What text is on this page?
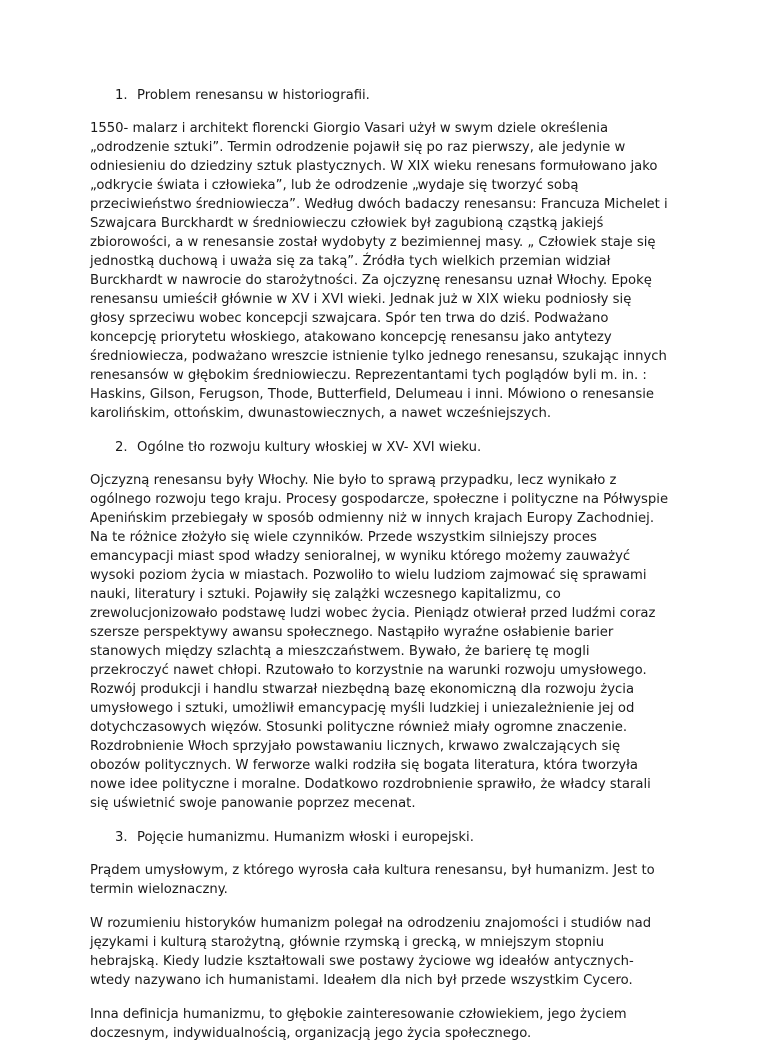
1. Problem renesansu w historiografii.

1550- malarz i architekt florencki Giorgio Vasari użył w swym dziele określenia „odrodzenie sztuki”. Termin odrodzenie pojawił się po raz pierwszy, ale jedynie w odniesieniu do dziedziny sztuk plastycznych. W XIX wieku renesans formułowano jako „odkrycie świata i człowieka”, lub że odrodzenie „wydaje się tworzyć sobą przeciwieństwo średniowiecza”. Według dwóch badaczy renesansu: Francuza Michelet i Szwajcara Burckhardt w średniowieczu człowiek był zagubioną cząstką jakiejś zbiorowości, a w renesansie został wydobyty z bezimiennej masy. „ Człowiek staje się jednostką duchową i uważa się za taką”. Źródła tych wielkich przemian widział Burckhardt w nawrocie do starożytności. Za ojczyznę renesansu uznał Włochy. Epokę renesansu umieścił głównie w XV i XVI wieki. Jednak już w XIX wieku podniosły się głosy sprzeciwu wobec koncepcji szwajcara. Spór ten trwa do dziś. Podważano koncepcję priorytetu włoskiego, atakowano koncepcję renesansu jako antytezy średniowiecza, podważano wreszcie istnienie tylko jednego renesansu, szukając innych renesansów w głębokim średniowieczu. Reprezentantami tych poglądów byli m. in. : Haskins, Gilson, Ferugson, Thode, Butterfield, Delumeau i inni. Mówiono o renesansie karolińskim, ottońskim, dwunastowiecznych, a nawet wcześniejszych.

2. Ogólne tło rozwoju kultury włoskiej w XV- XVI wieku.

Ojczyzną renesansu były Włochy. Nie było to sprawą przypadku, lecz wynikało z ogólnego rozwoju tego kraju. Procesy gospodarcze, społeczne i polityczne na Półwyspie Apenińskim przebiegały w sposób odmienny niż w innych krajach Europy Zachodniej. Na te różnice złożyło się wiele czynników. Przede wszystkim silniejszy proces emancypacji miast spod władzy senioralnej, w wyniku którego możemy zauważyć wysoki poziom życia w miastach. Pozwoliło to wielu ludziom zajmować się sprawami nauki, literatury i sztuki. Pojawiły się zalążki wczesnego kapitalizmu, co zrewolucjonizowało podstawę ludzi wobec życia. Pieniądz otwierał przed ludźmi coraz szersze perspektywy awansu społecznego. Nastąpiło wyraźne osłabienie barier stanowych między szlachtą a mieszczaństwem. Bywało, że barierę tę mogli przekroczyć nawet chłopi. Rzutowało to korzystnie na warunki rozwoju umysłowego. Rozwój produkcji i handlu stwarzał niezbędną bazę ekonomiczną dla rozwoju życia umysłowego i sztuki, umożliwił emancypację myśli ludzkiej i uniezależnienie jej od dotychczasowych więzów. Stosunki polityczne również miały ogromne znaczenie. Rozdrobnienie Włoch sprzyjało powstawaniu licznych, krwawo zwalczających się obozów politycznych. W ferworze walki rodziła się bogata literatura, która tworzyła nowe idee polityczne i moralne. Dodatkowo rozdrobnienie sprawiło, że władcy starali się uświetnić swoje panowanie poprzez mecenat.

3. Pojęcie humanizmu. Humanizm włoski i europejski.

Prądem umysłowym, z którego wyrosła cała kultura renesansu, był humanizm. Jest to termin wieloznaczny.

W rozumieniu historyków humanizm polegał na odrodzeniu znajomości i studiów nad językami i kulturą starożytną, głównie rzymską i grecką, w mniejszym stopniu hebrajską. Kiedy ludzie kształtowali swe postawy życiowe wg ideałów antycznych- wtedy nazywano ich humanistami. Ideałem dla nich był przede wszystkim Cycero.

Inna definicja humanizmu, to głębokie zainteresowanie człowiekiem, jego życiem doczesnym, indywidualnością, organizacją jego życia społecznego.
